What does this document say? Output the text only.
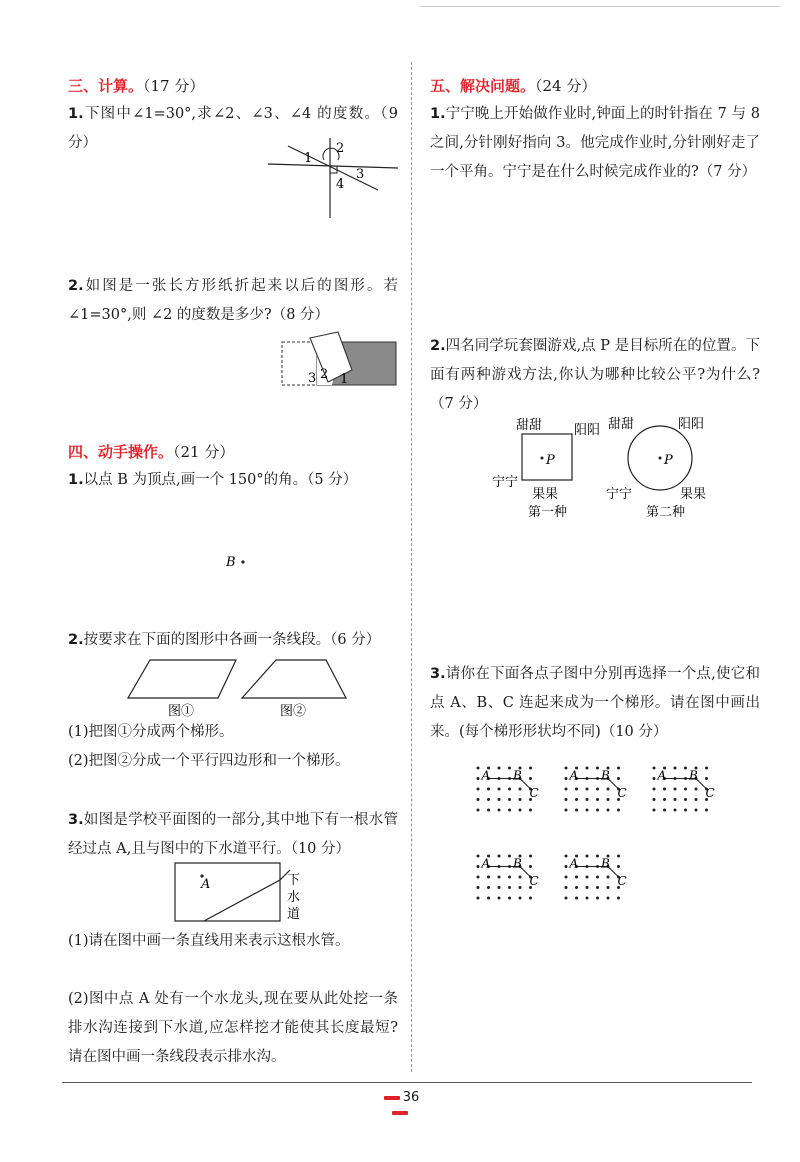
三、计算。（17 分）

1.下图中∠1=30°,求∠2、∠3、∠4 的度数。（9 分）

1
2
3
4

2.如图是一张长方形纸折起来以后的图形。若∠1=30°,则 ∠2 的度数是多少?（8 分）

3 2 1
四、动手操作。（21 分）

1.以点 B 为顶点,画一个 150°的角。（5 分）

B

2.按要求在下面的图形中各画一条线段。（6 分）

图①	图②

(1)把图①分成两个梯形。

(2)把图②分成一个平行四边形和一个梯形。

3.如图是学校平面图的一部分,其中地下有一根水管经过点 A,且与图中的下水道平行。（10 分）

A	下
水
道

(1)请在图中画一条直线用来表示这根水管。

(2)图中点 A 处有一个水龙头,现在要从此处挖一条排水沟连接到下水道,应怎样挖才能使其长度最短?请在图中画一条线段表示排水沟。

五、解决问题。（24 分）

1.宁宁晚上开始做作业时,钟面上的时针指在 7 与 8 之间,分针刚好指向 3。他完成作业时,分针刚好走了一个平角。宁宁是在什么时候完成作业的?（7 分）

2.四名同学玩套圈游戏,点 P 是目标所在的位置。下面有两种游戏方法,你认为哪种比较公平?为什么?（7 分）

P
甜甜 阳阳
宁宁
果果
第一种
P
甜甜	阳阳
宁宁	果果
第二种

3.请你在下面各点子图中分别再选择一个点,使它和点 A、B、C 连起来成为一个梯形。请在图中画出来。(每个梯形形状均不同)（10 分）

A B
C
A B
C
A B
C
A B
C
A B
C
36
